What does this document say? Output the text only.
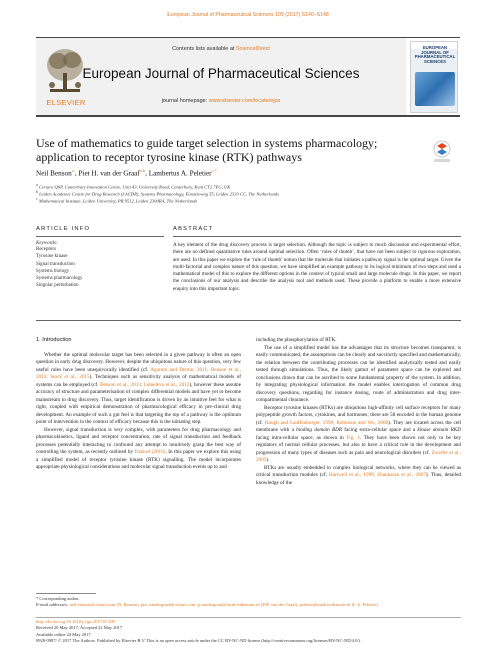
European Journal of Pharmaceutical Sciences 109 (2017) S140–S148
ELSEVIER
Contents lists available at ScienceDirect
European Journal of Pharmaceutical Sciences
journal homepage: www.elsevier.com/locate/ejps
EUROPEAN JOURNAL OF PHARMACEUTICAL SCIENCES
Use of mathematics to guide target selection in systems pharmacology;
application to receptor tyrosine kinase (RTK) pathways
Neil Benson$^{a,}$, Piet H. van der Graaf$^{a,b}$, Lambertus A. Peletier$^{c,*}$
$^a$ Certara QSP, Canterbury Innovation Centre, Unit 43, University Road, Canterbury, Kent CT2 7FG, UK
$^b$ Leiden Academic Centre for Drug Research (LACDR), Systems Pharmacology, Einsteinweg 55, Leiden 2333 CC, The Netherlands
$^c$ Mathematical Institute, Leiden University, PB 9512, Leiden 2300RA, The Netherlands
ARTICLE INFO	ABSTRACT
Keywords:
Receptors
Tyrosine kinase
Signal transduction
Systems biology
Systems pharmacology
Singular perturbation
A key element of the drug discovery process is target selection. Although the topic is subject to much discussion and experimental effort, there are no defined quantitative rules around optimal selection. Often ‘rules of thumb’, that have not been subject to rigorous exploration, are used. In this paper we explore the ‘rule of thumb’ notion that the molecule that initiates a pathway signal is the optimal target. Given the multi-factorial and complex nature of this question, we have simplified an example pathway to its logical minimum of two steps and used a mathematical model of this to explore the different options in the context of typical small and large molecule drugs. In this paper, we report the conclusions of our analysis and describe the analysis tool and methods used. These provide a platform to enable a more extensive enquiry into this important topic.
1. Introduction

Whether the optimal molecular target has been selected in a given pathway is often an open question in early drug discovery. However, despite the ubiquitous nature of this question, very few useful rules have been unequivocally identified (cf. Agoram and Demin, 2011; Benson et al., 2012; Stock et al., 2015). Techniques such as sensitivity analysis of mathematical models of systems can be employed (cf. Benson et al., 2013; Lebedeva et al., 2012), however these assume accuracy of structure and parameterisation of complex differential models and have yet to become mainstream in drug discovery. Thus, target identification is driven by an intuitive feel for what is right, coupled with empirical demonstration of pharmacological efficacy in pre-clinical drug development. An example of such a gut feel is that targeting the top of a pathway is the optimum point of intervention in the context of efficacy because this is the initiating step.

However, signal transduction is very complex, with parameters for drug pharmacology and pharmacokinetics, ligand and receptor concentration, rate of signal transduction and feedback processes potentially interacting to confound any attempt to intuitively grasp the best way of controlling the system, as recently outlined by Danhof (2016). In this paper we explore this using a simplified model of receptor tyrosine kinase (RTK) signalling. The model incorporates appropriate physiological considerations and molecular signal transduction events up to and

including the phosphorylation of RTK.

The use of a simplified model has the advantages that its structure becomes transparent, is easily communicated, the assumptions can be clearly and succinctly specified and mathematically, the relation between the contributing processes can be identified analytically tested and easily tested through simulations. Thus, the likely gamut of parameter space can be explored and conclusions drawn that can be ascribed to some fundamental property of the system. In addition, by integrating physiological information the model enables interrogation of common drug discovery questions, regarding for instance dosing, route of administration and drug inter-compartmental clearance.

Receptor tyrosine kinases (RTKs) are ubiquitous high-affinity cell surface receptors for many polypeptide growth factors, cytokines, and hormones; there are 58 encoded in the human genome (cf. Haugh and Lauffenburger, 1998; Robinson and Wu, 2000). They are located across the cell membrane with a binding domain BDR facing extra-cellular space and a kinase domain RKD facing intra-cellular space, as shown in Fig. 1. They have been shown not only to be key regulators of normal cellular processes, but also to have a critical role in the development and progression of many types of diseases such as pain and neurological disorders (cf. Zweifel et al., 2005).

RTKs are usually embedded in complex biological networks, where they can be viewed as critical transduction modules (cf. Hartwell et al., 1999; Shankaran et al., 2007). Thus, detailed knowledge of the

* Corresponding author.
E-mail addresses: neil.benson@certara.com (N. Benson), piet.vandergraaf@certara.com, p.vandergraaf@lacdr.leidenuniv.nl (P.H. van der Graaf), peletier@math.leidenuniv.nl (L.A. Peletier).
http://dx.doi.org/10.1016/j.ejps.2017.05.049
Received 20 May 2017; Accepted 22 May 2017
Available online 24 May 2017
0928-0987/ © 2017 The Authors. Published by Elsevier B.V. This is an open access article under the CC BY-NC-ND license (http://creativecommons.org/licenses/BY-NC-ND/4.0/).
